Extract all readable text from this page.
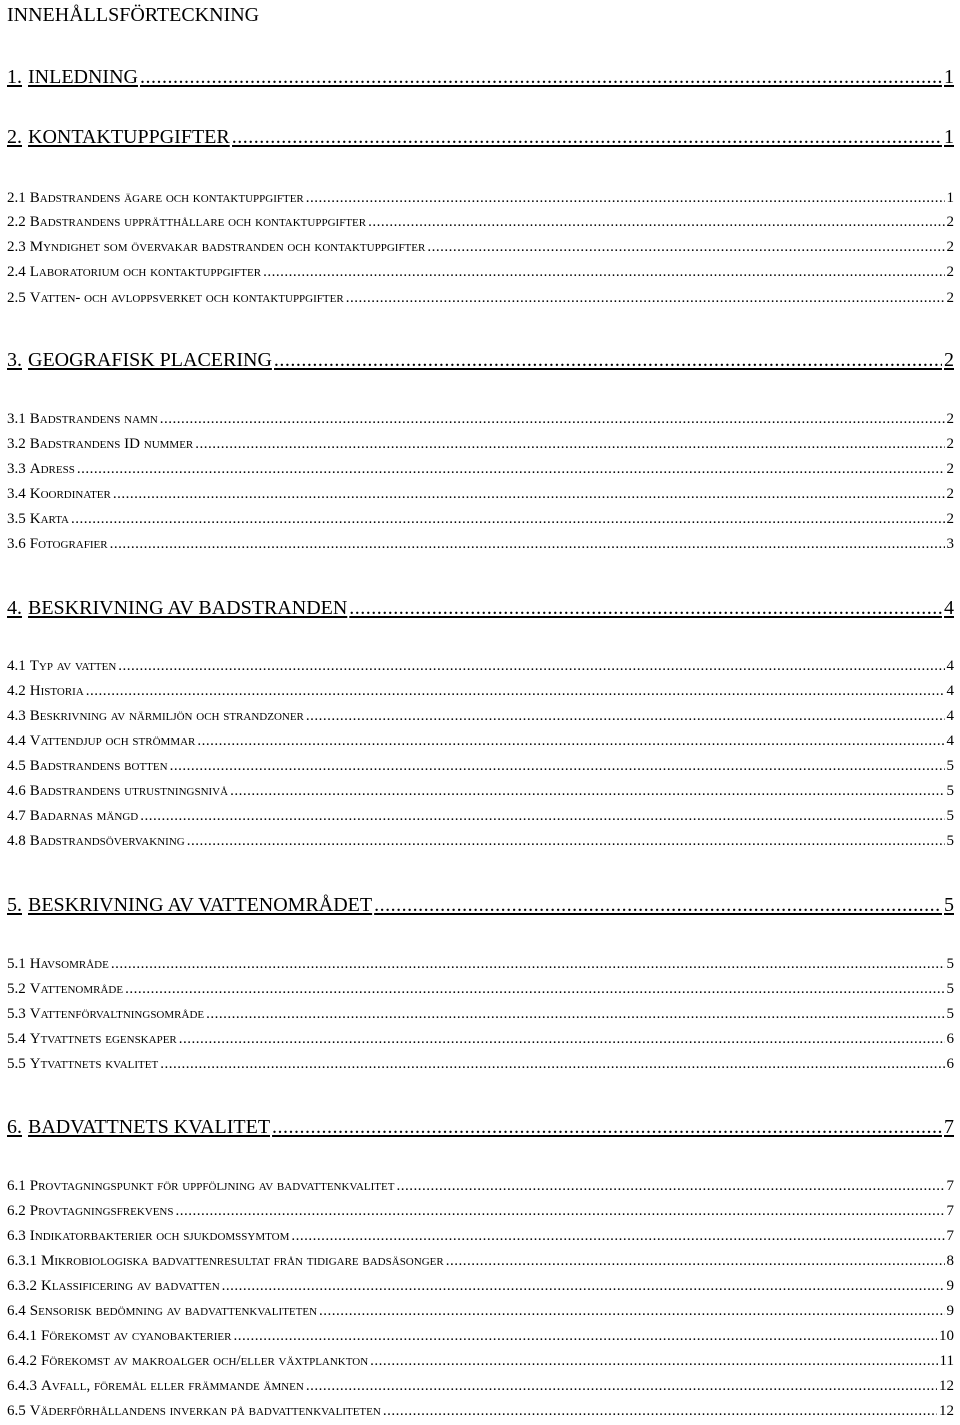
INNEHÅLLSFÖRTECKNING
1. INLEDNING .....	1
2. KONTAKTUPPGIFTER .....	1
2.1 Badstrandens ägare och kontaktuppgifter .....	1
2.2 Badstrandens upprätthållare och kontaktuppgifter .....	2
2.3 Myndighet som övervakar badstranden och kontaktuppgifter .....	2
2.4 Laboratorium och kontaktuppgifter .....	2
2.5 Vatten- och avloppsverket och kontaktuppgifter .....	2
3. GEOGRAFISK PLACERING .....	2
3.1 Badstrandens namn .....	2
3.2 Badstrandens ID nummer .....	2
3.3 Adress .....	2
3.4 Koordinater .....	2
3.5 Karta .....	2
3.6 Fotografier .....	3
4. BESKRIVNING AV BADSTRANDEN .....	4
4.1 Typ av vatten .....	4
4.2 Historia .....	4
4.3 Beskrivning av närmiljön och strandzoner .....	4
4.4 Vattendjup och strömmar .....	4
4.5 Badstrandens botten .....	5
4.6 Badstrandens utrustningsnivå .....	5
4.7 Badarnas mängd .....	5
4.8 Badstrandsövervakning .....	5
5. BESKRIVNING AV VATTENOMRÅDET .....	5
5.1 Havsområde .....	5
5.2 Vattenområde .....	5
5.3 Vattenförvaltningsområde .....	5
5.4 Ytvattnets egenskaper .....	6
5.5 Ytvattnets kvalitet .....	6
6. BADVATTNETS KVALITET .....	7
6.1 Provtagningspunkt för uppföljning av badvattenkvalitet .....	7
6.2 Provtagningsfrekvens .....	7
6.3 Indikatorbakterier och sjukdomssymtom .....	7
6.3.1 Mikrobiologiska badvattenresultat från tidigare badsäsonger .....	8
6.3.2 Klassificering av badvatten .....	9
6.4 Sensorisk bedömning av badvattenkvaliteten .....	9
6.4.1 Förekomst av cyanobakterier .....	10
6.4.2 Förekomst av makroalger och/eller växtplankton .....	11
6.4.3 Avfall, föremål eller främmande ämnen .....	12
6.5 Väderförhållandens inverkan på badvattenkvaliteten .....	12
